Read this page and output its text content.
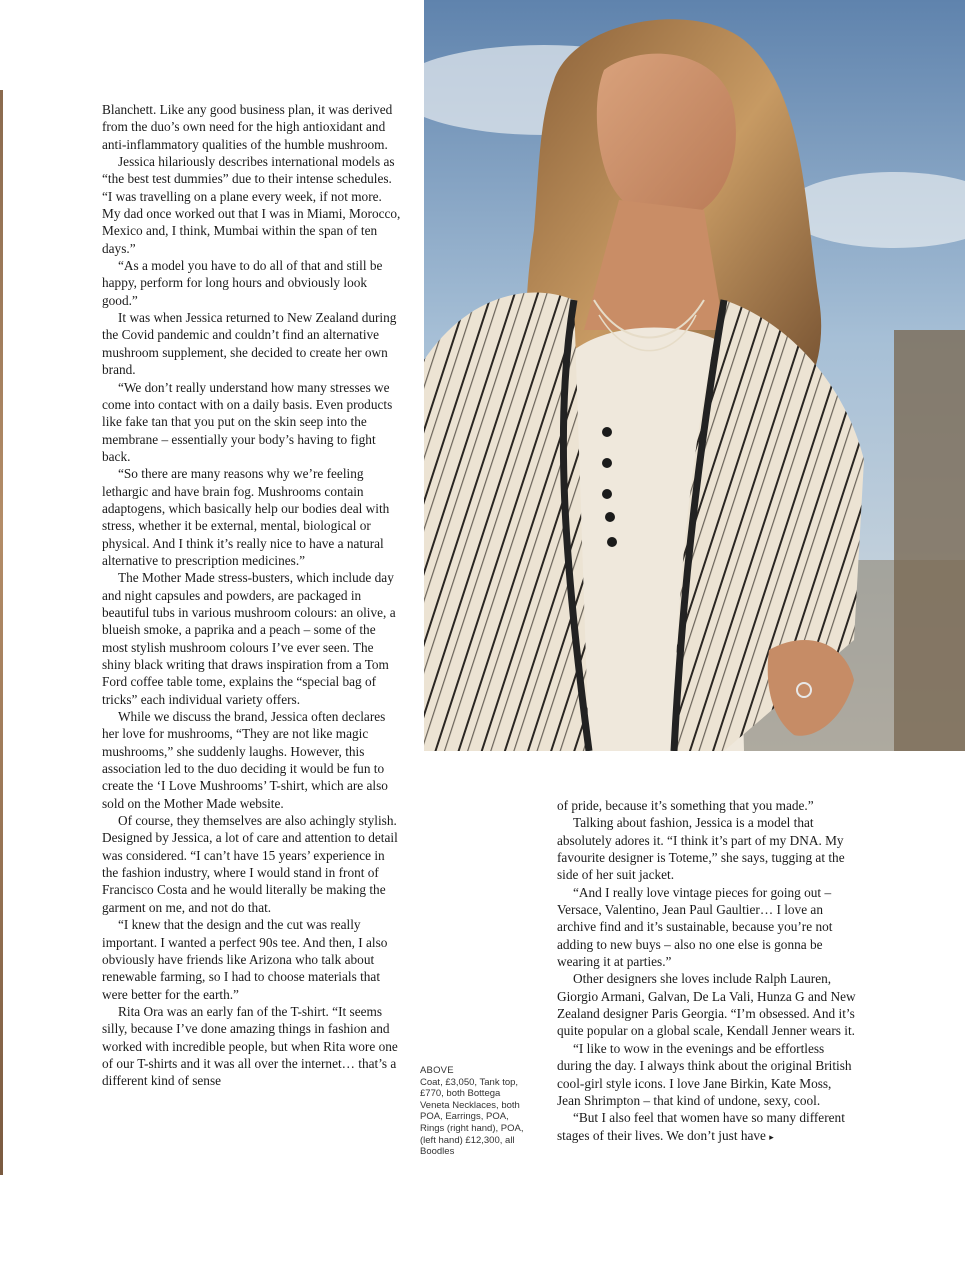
Blanchett. Like any good business plan, it was derived from the duo’s own need for the high antioxidant and anti-inflammatory qualities of the humble mushroom.

Jessica hilariously describes international models as “the best test dummies” due to their intense schedules. “I was travelling on a plane every week, if not more. My dad once worked out that I was in Miami, Morocco, Mexico and, I think, Mumbai within the span of ten days.”

“As a model you have to do all of that and still be happy, perform for long hours and obviously look good.”

It was when Jessica returned to New Zealand during the Covid pandemic and couldn’t find an alternative mushroom supplement, she decided to create her own brand.

“We don’t really understand how many stresses we come into contact with on a daily basis. Even products like fake tan that you put on the skin seep into the membrane – essentially your body’s having to fight back.

“So there are many reasons why we’re feeling lethargic and have brain fog. Mushrooms contain adaptogens, which basically help our bodies deal with stress, whether it be external, mental, biological or physical. And I think it’s really nice to have a natural alternative to prescription medicines.”

The Mother Made stress-busters, which include day and night capsules and powders, are packaged in beautiful tubs in various mushroom colours: an olive, a blueish smoke, a paprika and a peach – some of the most stylish mushroom colours I’ve ever seen. The shiny black writing that draws inspiration from a Tom Ford coffee table tome, explains the “special bag of tricks” each individual variety offers.

While we discuss the brand, Jessica often declares her love for mushrooms, “They are not like magic mushrooms,” she suddenly laughs. However, this association led to the duo deciding it would be fun to create the ‘I Love Mushrooms’ T-shirt, which are also sold on the Mother Made website.

Of course, they themselves are also achingly stylish. Designed by Jessica, a lot of care and attention to detail was considered. “I can’t have 15 years’ experience in the fashion industry, where I would stand in front of Francisco Costa and he would literally be making the garment on me, and not do that.

“I knew that the design and the cut was really important. I wanted a perfect 90s tee. And then, I also obviously have friends like Arizona who talk about renewable farming, so I had to choose materials that were better for the earth.”

Rita Ora was an early fan of the T-shirt. “It seems silly, because I’ve done amazing things in fashion and worked with incredible people, but when Rita wore one of our T-shirts and it was all over the internet… that’s a different kind of sense

ABOVE
Coat, £3,050, Tank top, £770, both Bottega Veneta Necklaces, both POA, Earrings, POA, Rings (right hand), POA, (left hand) £12,300, all Boodles

of pride, because it’s something that you made.”

Talking about fashion, Jessica is a model that absolutely adores it. “I think it’s part of my DNA. My favourite designer is Toteme,” she says, tugging at the side of her suit jacket.

“And I really love vintage pieces for going out – Versace, Valentino, Jean Paul Gaultier… I love an archive find and it’s sustainable, because you’re not adding to new buys – also no one else is gonna be wearing it at parties.”

Other designers she loves include Ralph Lauren, Giorgio Armani, Galvan, De La Vali, Hunza G and New Zealand designer Paris Georgia. “I’m obsessed. And it’s quite popular on a global scale, Kendall Jenner wears it.

“I like to wow in the evenings and be effortless during the day. I always think about the original British cool-girl style icons. I love Jane Birkin, Kate Moss, Jean Shrimpton – that kind of undone, sexy, cool.

“But I also feel that women have so many different stages of their lives. We don’t just have ▸
